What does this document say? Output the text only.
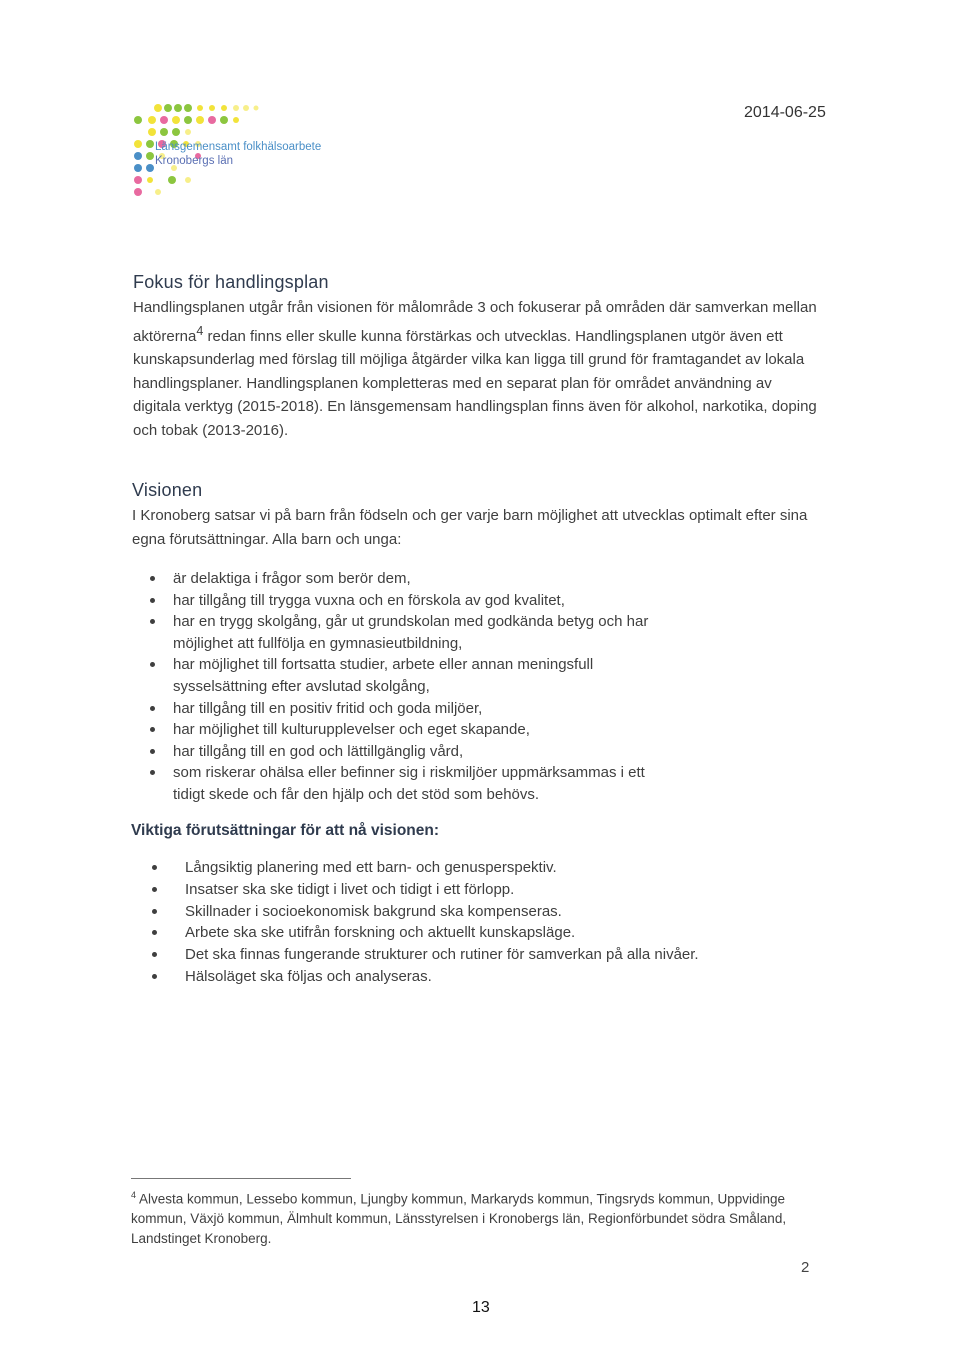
Länsgemensamt folkhälsoarbete
Kronobergs län
2014-06-25
Fokus för handlingsplan

Handlingsplanen utgår från visionen för målområde 3 och fokuserar på områden där samverkan mellan aktörerna$^4$ redan finns eller skulle kunna förstärkas och utvecklas. Handlingsplanen utgör även ett kunskapsunderlag med förslag till möjliga åtgärder vilka kan ligga till grund för framtagandet av lokala handlingsplaner. Handlingsplanen kompletteras med en separat plan för området användning av digitala verktyg (2015-2018). En länsgemensam handlingsplan finns även för alkohol, narkotika, doping och tobak (2013-2016).

Visionen

I Kronoberg satsar vi på barn från födseln och ger varje barn möjlighet att utvecklas optimalt efter sina egna förutsättningar. Alla barn och unga:

är delaktiga i frågor som berör dem,
har tillgång till trygga vuxna och en förskola av god kvalitet,
har en trygg skolgång, går ut grundskolan med godkända betyg och har möjlighet att fullfölja en gymnasieutbildning,
har möjlighet till fortsatta studier, arbete eller annan meningsfull sysselsättning efter avslutad skolgång,
har tillgång till en positiv fritid och goda miljöer,
har möjlighet till kulturupplevelser och eget skapande,
har tillgång till en god och lättillgänglig vård,
som riskerar ohälsa eller befinner sig i riskmiljöer uppmärksammas i ett tidigt skede och får den hjälp och det stöd som behövs.
Viktiga förutsättningar för att nå visionen:
Långsiktig planering med ett barn- och genusperspektiv.
Insatser ska ske tidigt i livet och tidigt i ett förlopp.
Skillnader i socioekonomisk bakgrund ska kompenseras.
Arbete ska ske utifrån forskning och aktuellt kunskapsläge.
Det ska finnas fungerande strukturer och rutiner för samverkan på alla nivåer.
Hälsoläget ska följas och analyseras.

$^4$ Alvesta kommun, Lessebo kommun, Ljungby kommun, Markaryds kommun, Tingsryds kommun, Uppvidinge kommun, Växjö kommun, Älmhult kommun, Länsstyrelsen i Kronobergs län, Regionförbundet södra Småland, Landstinget Kronoberg.

2
13
